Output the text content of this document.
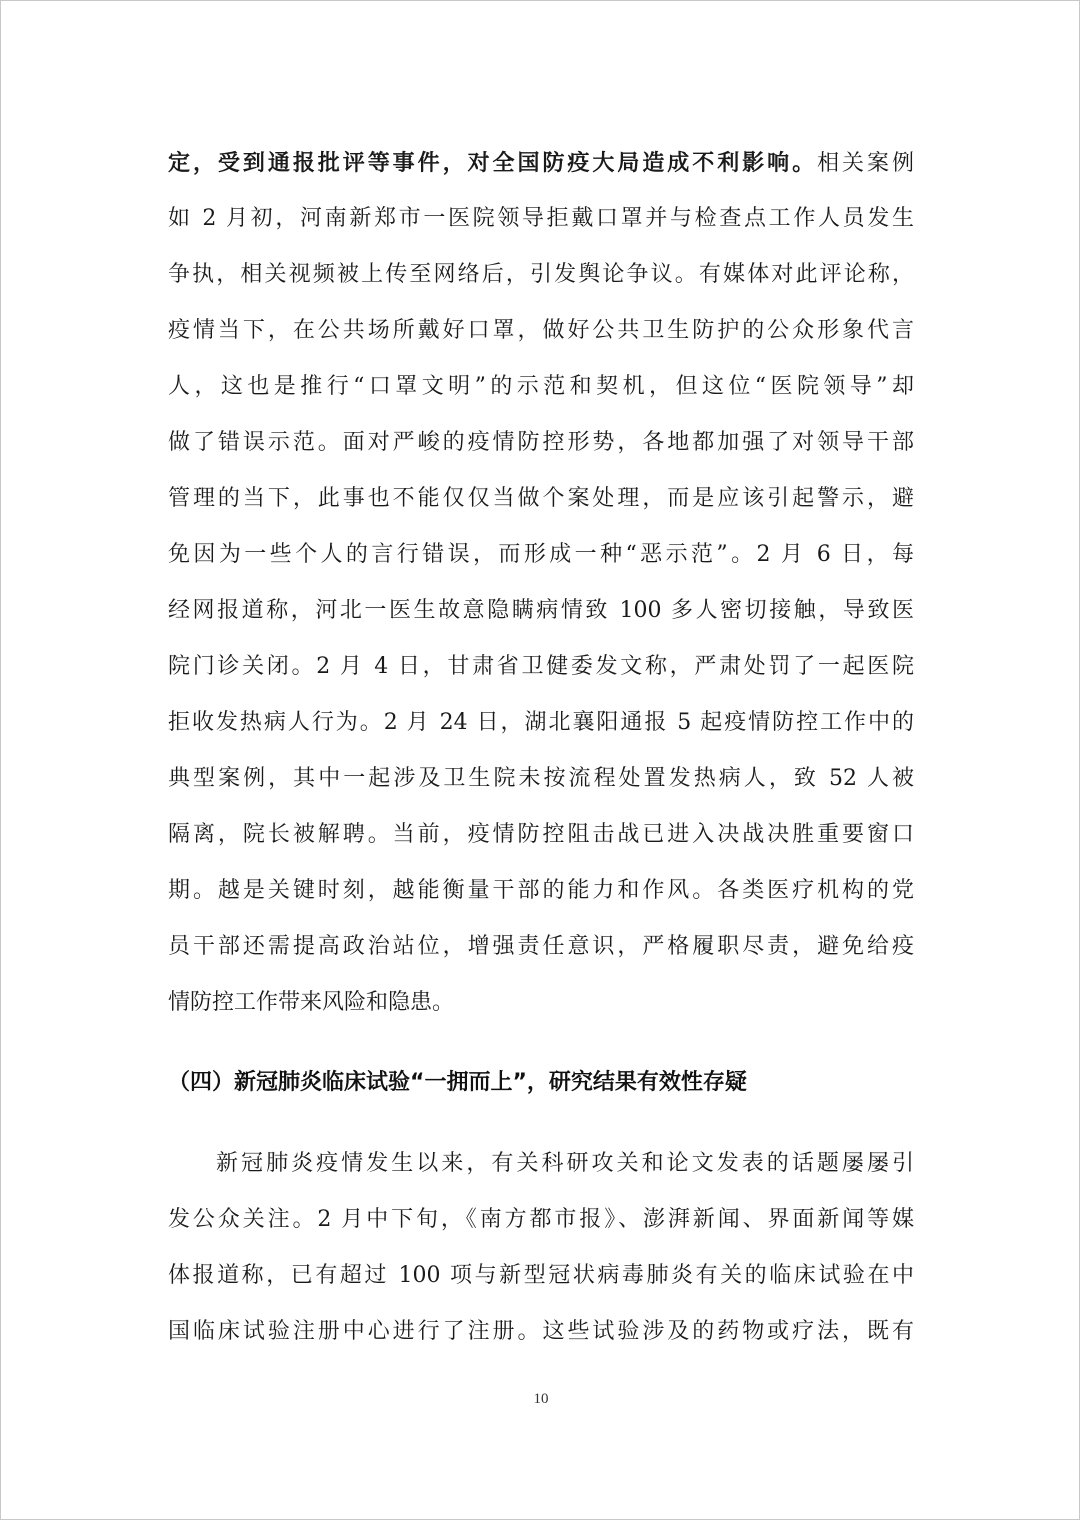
定，受到通报批评等事件，对全国防疫大局造成不利影响。相关案例
如 2 月初，河南新郑市一医院领导拒戴口罩并与检查点工作人员发生
争执，相关视频被上传至网络后，引发舆论争议。有媒体对此评论称，
疫情当下，在公共场所戴好口罩，做好公共卫生防护的公众形象代言
人，这也是推行“口罩文明”的示范和契机，但这位“医院领导”却
做了错误示范。面对严峻的疫情防控形势，各地都加强了对领导干部
管理的当下，此事也不能仅仅当做个案处理，而是应该引起警示，避
免因为一些个人的言行错误，而形成一种“恶示范”。2 月 6 日，每
经网报道称，河北一医生故意隐瞒病情致 100 多人密切接触，导致医
院门诊关闭。2 月 4 日，甘肃省卫健委发文称，严肃处罚了一起医院
拒收发热病人行为。2 月 24 日，湖北襄阳通报 5 起疫情防控工作中的
典型案例，其中一起涉及卫生院未按流程处置发热病人，致 52 人被
隔离，院长被解聘。当前，疫情防控阻击战已进入决战决胜重要窗口
期。越是关键时刻，越能衡量干部的能力和作风。各类医疗机构的党
员干部还需提高政治站位，增强责任意识，严格履职尽责，避免给疫
情防控工作带来风险和隐患。
（四）新冠肺炎临床试验“一拥而上”，研究结果有效性存疑
新冠肺炎疫情发生以来，有关科研攻关和论文发表的话题屡屡引
发公众关注。2 月中下旬，《南方都市报》、澎湃新闻、界面新闻等媒
体报道称，已有超过 100 项与新型冠状病毒肺炎有关的临床试验在中
国临床试验注册中心进行了注册。这些试验涉及的药物或疗法，既有
10
